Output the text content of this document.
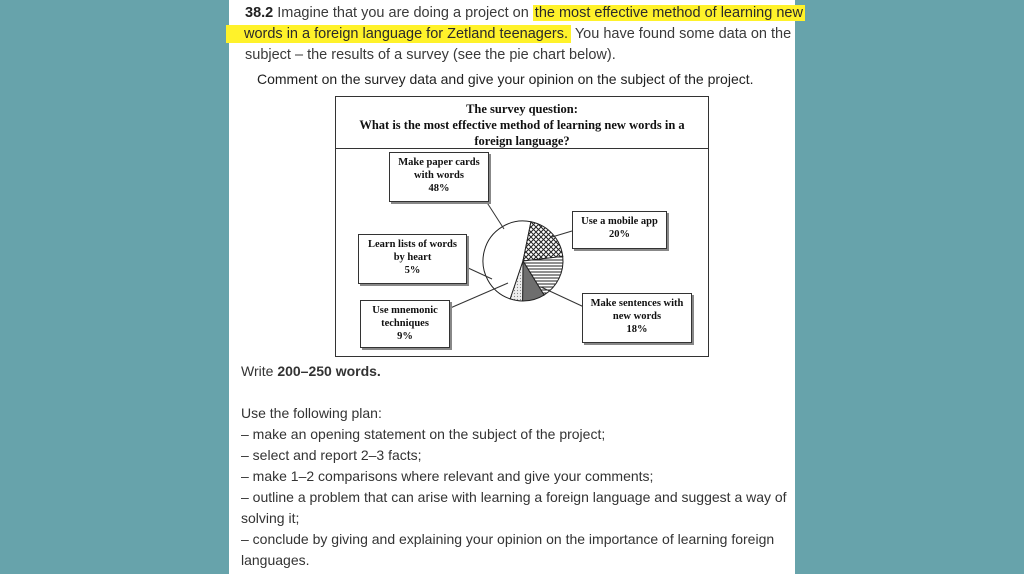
38.2 Imagine that you are doing a project on the most effective method of learning new
words in a foreign language for Zetland teenagers. You have found some data on the
subject – the results of a survey (see the pie chart below).
Comment on the survey data and give your opinion on the subject of the project.
The survey question:
What is the most effective method of learning new words in a
foreign language?
Make paper cards
with words
48%
Use a mobile app
20%
Learn lists of words
by heart
5%
Use mnemonic
techniques
9%
Make sentences with
new words
18%
Write 200–250 words.
Use the following plan:
– make an opening statement on the subject of the project;
– select and report 2–3 facts;
– make 1–2 comparisons where relevant and give your comments;
– outline a problem that can arise with learning a foreign language and suggest a way of
solving it;
– conclude by giving and explaining your opinion on the importance of learning foreign
languages.
